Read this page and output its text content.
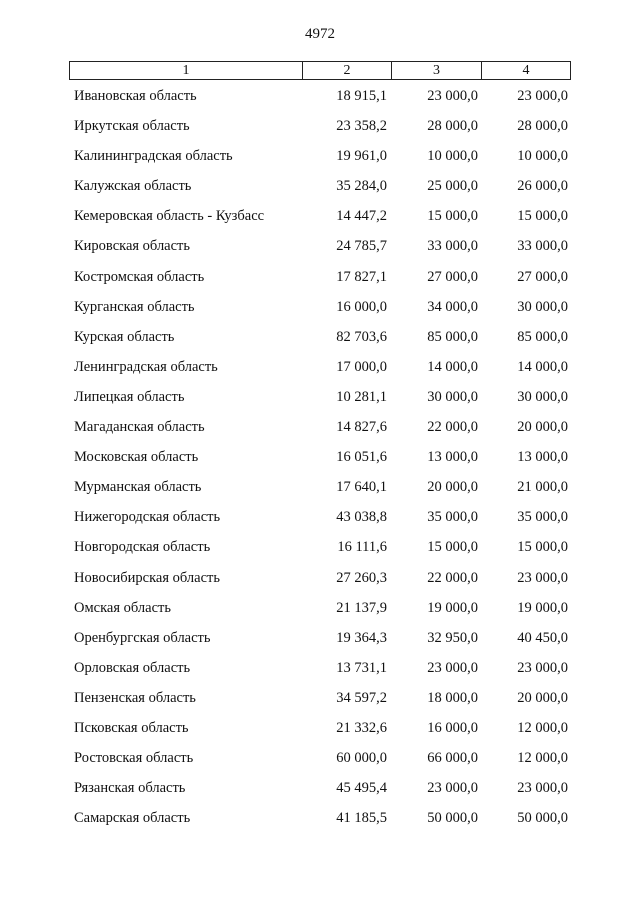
4972
1	2	3	4
Ивановская область	18 915,1	23 000,0	23 000,0
Иркутская область	23 358,2	28 000,0	28 000,0
Калининградская область	19 961,0	10 000,0	10 000,0
Калужская область	35 284,0	25 000,0	26 000,0
Кемеровская область - Кузбасс	14 447,2	15 000,0	15 000,0
Кировская область	24 785,7	33 000,0	33 000,0
Костромская область	17 827,1	27 000,0	27 000,0
Курганская область	16 000,0	34 000,0	30 000,0
Курская область	82 703,6	85 000,0	85 000,0
Ленинградская область	17 000,0	14 000,0	14 000,0
Липецкая область	10 281,1	30 000,0	30 000,0
Магаданская область	14 827,6	22 000,0	20 000,0
Московская область	16 051,6	13 000,0	13 000,0
Мурманская область	17 640,1	20 000,0	21 000,0
Нижегородская область	43 038,8	35 000,0	35 000,0
Новгородская область	16 111,6	15 000,0	15 000,0
Новосибирская область	27 260,3	22 000,0	23 000,0
Омская область	21 137,9	19 000,0	19 000,0
Оренбургская область	19 364,3	32 950,0	40 450,0
Орловская область	13 731,1	23 000,0	23 000,0
Пензенская область	34 597,2	18 000,0	20 000,0
Псковская область	21 332,6	16 000,0	12 000,0
Ростовская область	60 000,0	66 000,0	12 000,0
Рязанская область	45 495,4	23 000,0	23 000,0
Самарская область	41 185,5	50 000,0	50 000,0
